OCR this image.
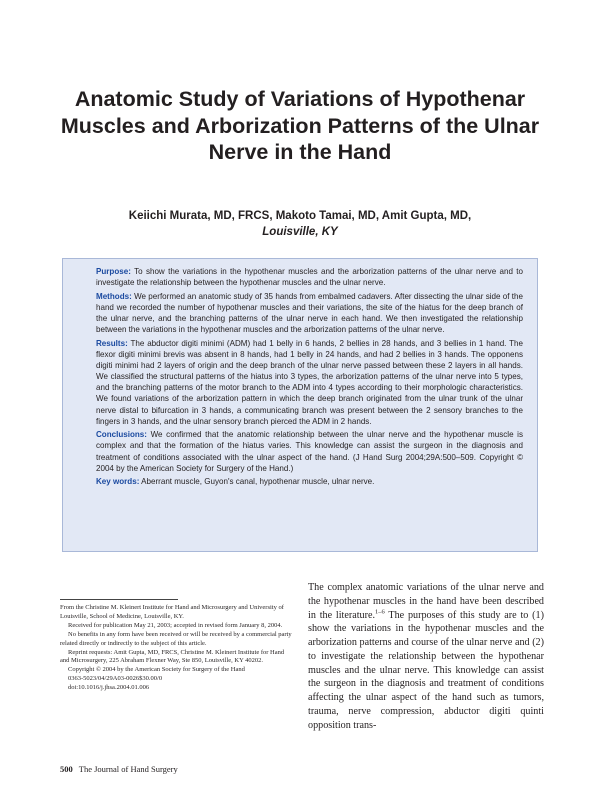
Anatomic Study of Variations of Hypothenar Muscles and Arborization Patterns of the Ulnar Nerve in the Hand
Keiichi Murata, MD, FRCS, Makoto Tamai, MD, Amit Gupta, MD,
Louisville, KY

Purpose: To show the variations in the hypothenar muscles and the arborization patterns of the ulnar nerve and to investigate the relationship between the hypothenar muscles and the ulnar nerve.

Methods: We performed an anatomic study of 35 hands from embalmed cadavers. After dissecting the ulnar side of the hand we recorded the number of hypothenar muscles and their variations, the site of the hiatus for the deep branch of the ulnar nerve, and the branching patterns of the ulnar nerve in each hand. We then investigated the relationship between the variations in the hypothenar muscles and the arborization patterns of the ulnar nerve.

Results: The abductor digiti minimi (ADM) had 1 belly in 6 hands, 2 bellies in 28 hands, and 3 bellies in 1 hand. The flexor digiti minimi brevis was absent in 8 hands, had 1 belly in 24 hands, and had 2 bellies in 3 hands. The opponens digiti minimi had 2 layers of origin and the deep branch of the ulnar nerve passed between these 2 layers in all hands. We classified the structural patterns of the hiatus into 3 types, the arborization patterns of the ulnar nerve into 5 types, and the branching patterns of the motor branch to the ADM into 4 types according to their morphologic characteristics. We found variations of the arborization pattern in which the deep branch originated from the ulnar trunk of the ulnar nerve distal to bifurcation in 3 hands, a communicating branch was present between the 2 sensory branches to the fingers in 3 hands, and the ulnar sensory branch pierced the ADM in 2 hands.

Conclusions: We confirmed that the anatomic relationship between the ulnar nerve and the hypothenar muscle is complex and that the formation of the hiatus varies. This knowledge can assist the surgeon in the diagnosis and treatment of conditions associated with the ulnar aspect of the hand. (J Hand Surg 2004;29A:500–509. Copyright © 2004 by the American Society for Surgery of the Hand.)

Key words: Aberrant muscle, Guyon's canal, hypothenar muscle, ulnar nerve.

From the Christine M. Kleinert Institute for Hand and Microsurgery and University of Louisville, School of Medicine, Louisville, KY.

Received for publication May 21, 2003; accepted in revised form January 8, 2004.

No benefits in any form have been received or will be received by a commercial party related directly or indirectly to the subject of this article.

Reprint requests: Amit Gupta, MD, FRCS, Christine M. Kleinert Institute for Hand and Microsurgery, 225 Abraham Flexner Way, Ste 850, Louisville, KY 40202.

Copyright © 2004 by the American Society for Surgery of the Hand

0363-5023/04/29A03-0026$30.00/0

doi:10.1016/j.jhsa.2004.01.006

The complex anatomic variations of the ulnar nerve and the hypothenar muscles in the hand have been described in the literature.$^{1-6}$ The purposes of this study are to (1) show the variations in the hypothenar muscles and the arborization patterns and course of the ulnar nerve and (2) to investigate the relationship between the hypothenar muscles and the ulnar nerve. This knowledge can assist the surgeon in the diagnosis and treatment of conditions affecting the ulnar aspect of the hand such as tumors, trauma, nerve compression, abductor digiti quinti opposition trans-

500 The Journal of Hand Surgery
